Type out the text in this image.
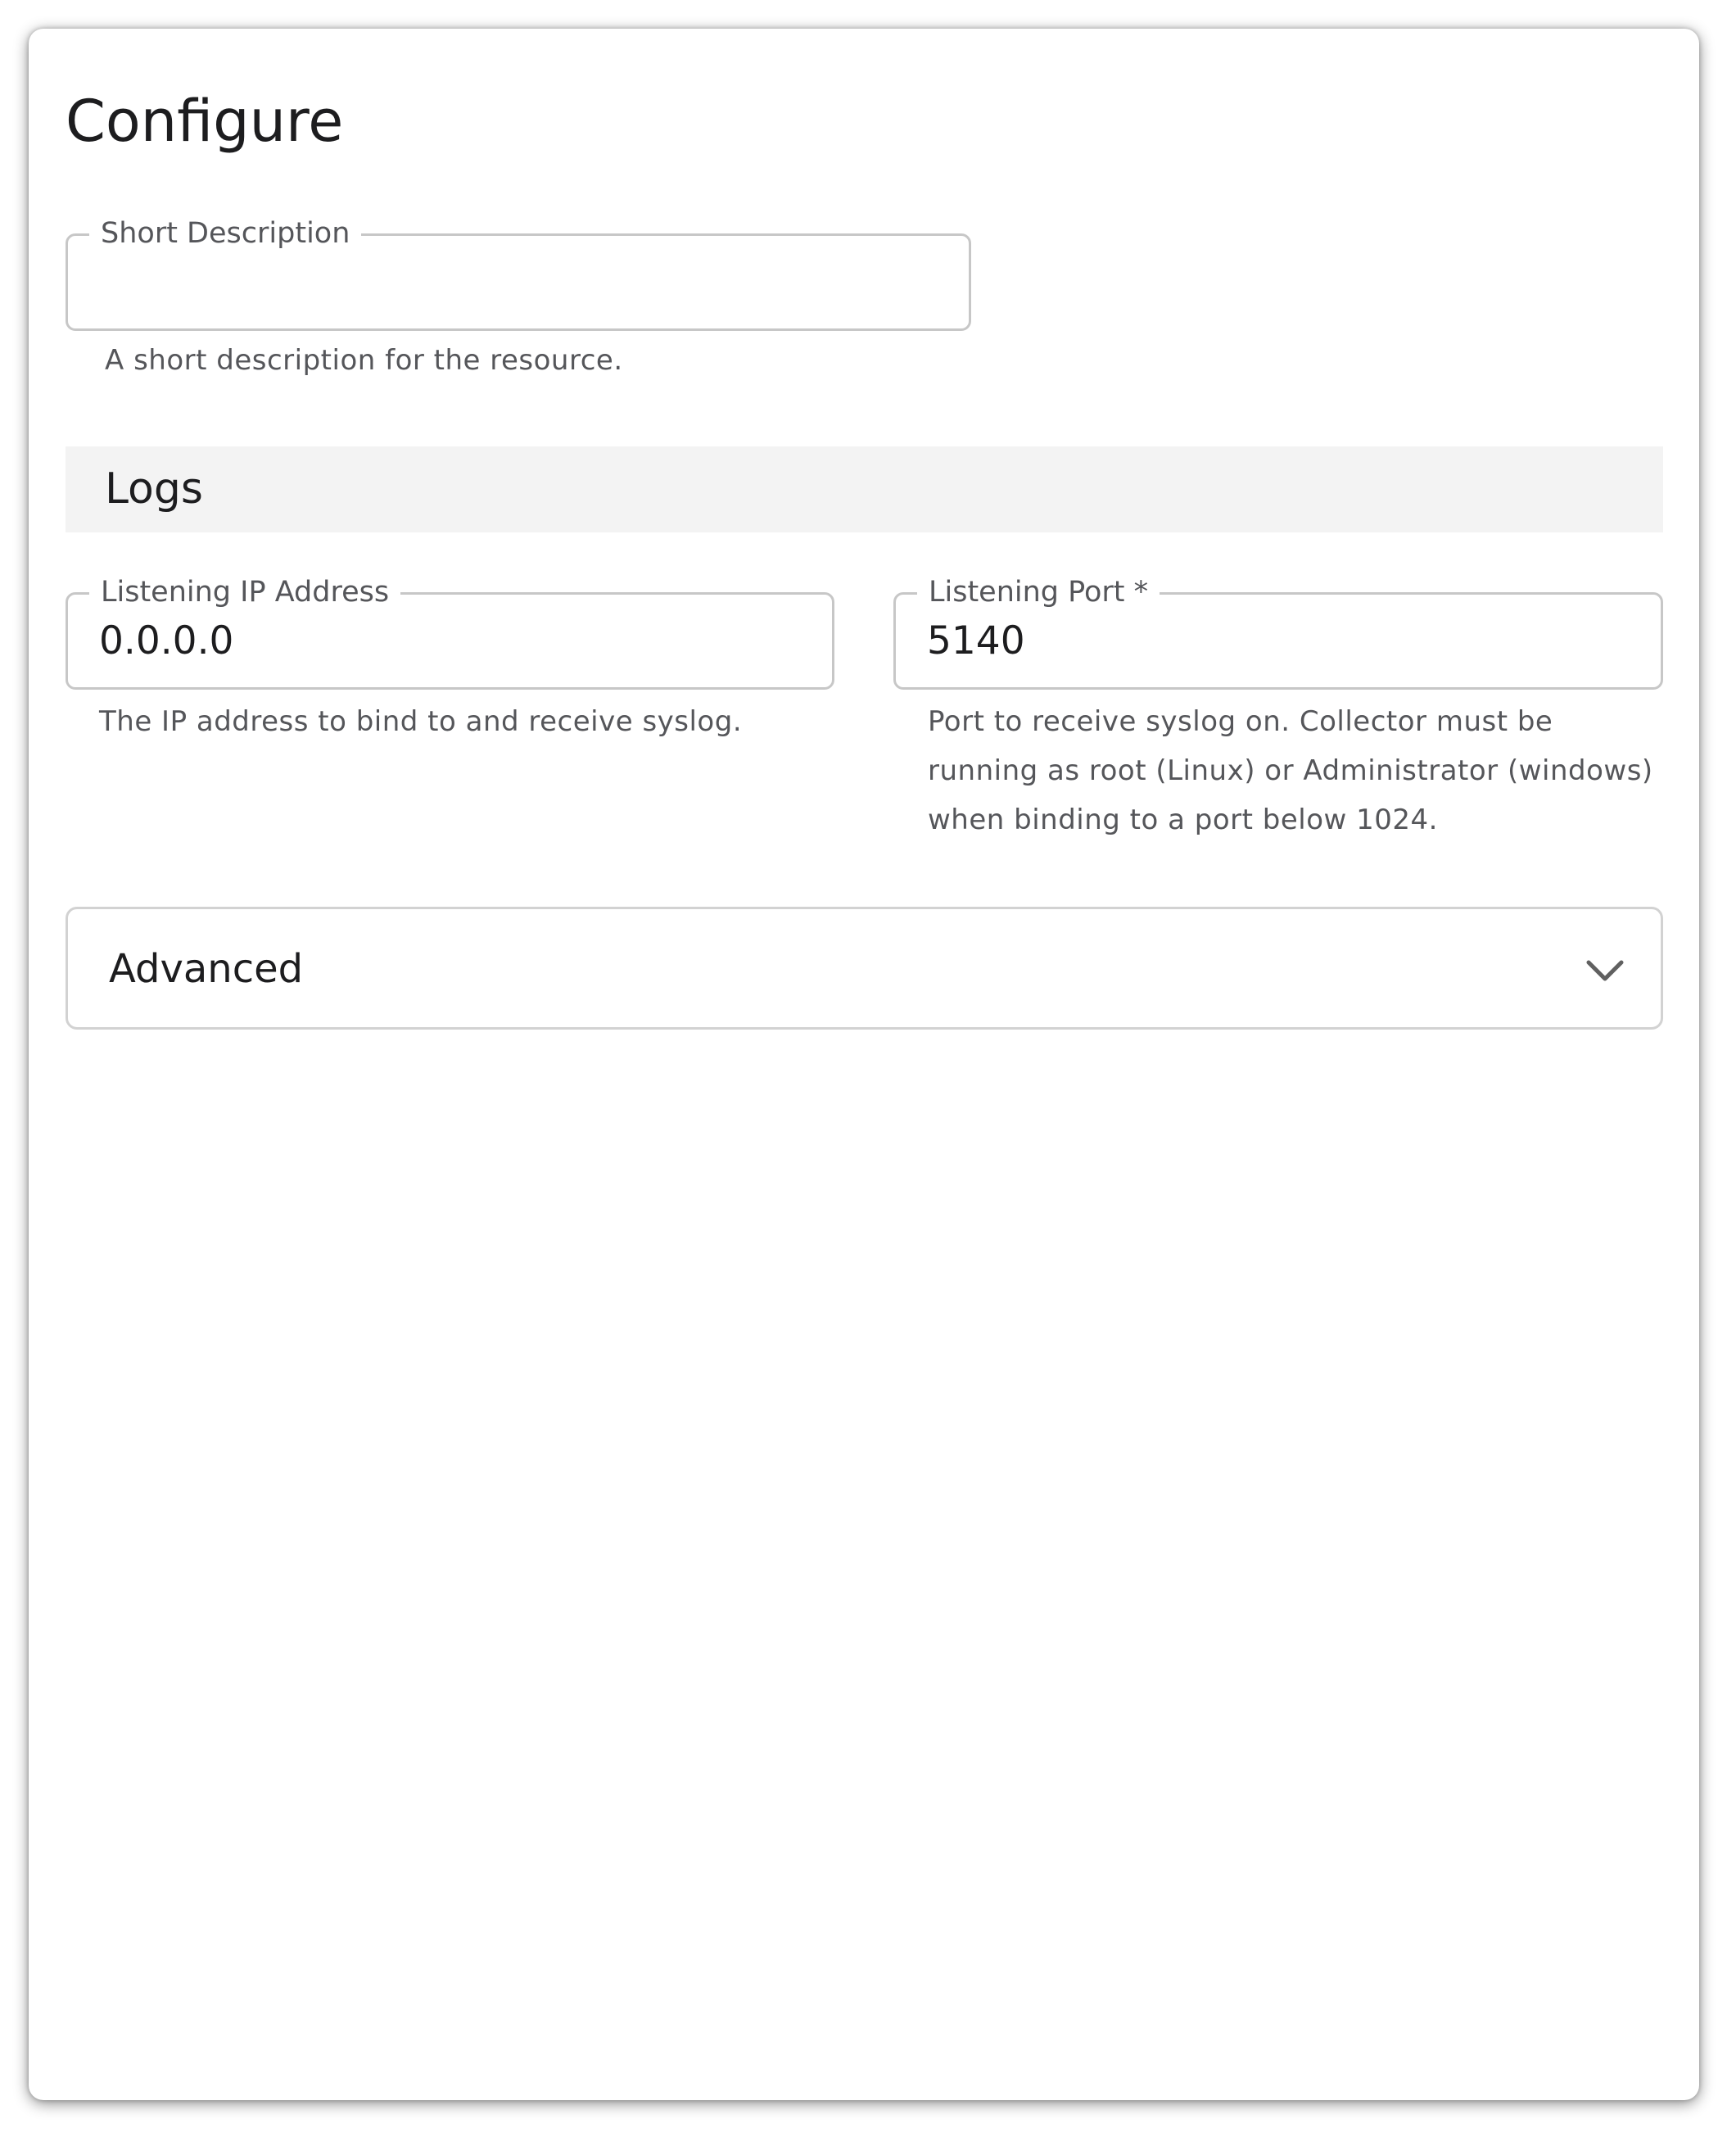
Configure
Short Description
A short description for the resource.
Logs
Listening IP Address
0.0.0.0
The IP address to bind to and receive syslog.
Listening Port *
5140
Port to receive syslog on. Collector must be running as root (Linux) or Administrator (windows) when binding to a port below 1024.
Advanced
